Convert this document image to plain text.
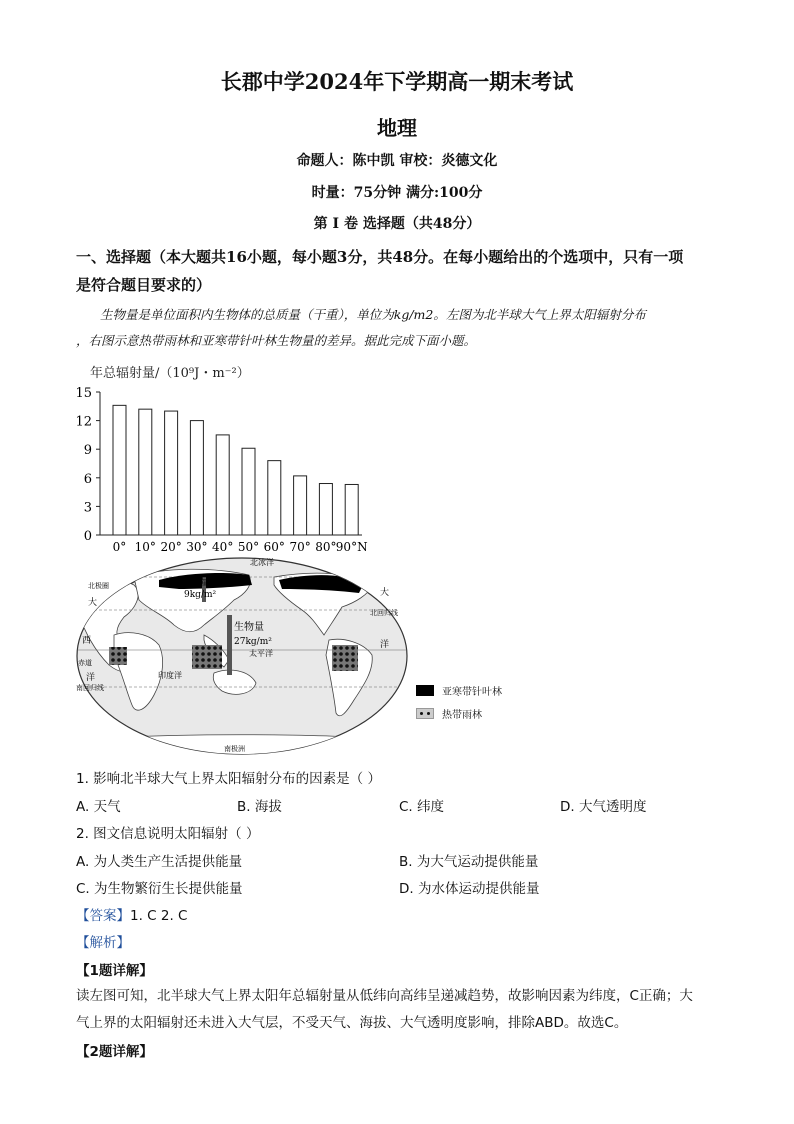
长郡中学2024年下学期高一期末考试
地理
命题人：陈中凯 审校：炎德文化
时量：75分钟 满分:100分
第 I 卷 选择题（共48分）
一、选择题（本大题共16小题，每小题3分，共48分。在每小题给出的个选项中，只有一项
是符合题目要求的）
生物量是单位面积内生物体的总质量（干重），单位为kg/m2。左图为北半球大气上界太阳辐射分布
，右图示意热带雨林和亚寒带针叶林生物量的差异。据此完成下面小题。
年总辐射量/（10⁹J・m⁻²）
0
3
6
9
12
15
0° 10° 20° 30° 40° 50° 60° 70° 80° 90°N
生物量
9kg/m²
生物量
27kg/m²
太平洋
北冰洋
北极圈
北回归线
赤道
南回归线
印度洋
南极洲
大
大
西
洋
洋
亚寒带针叶林
热带雨林
1. 影响北半球大气上界太阳辐射分布的因素是（ ）
A. 天气	B. 海拔	C. 纬度	D. 大气透明度
2. 图文信息说明太阳辐射（ ）
A. 为人类生产生活提供能量	B. 为大气运动提供能量
C. 为生物繁衍生长提供能量	D. 为水体运动提供能量
【答案】1. C 2. C
【解析】
【1题详解】
读左图可知，北半球大气上界太阳年总辐射量从低纬向高纬呈递减趋势，故影响因素为纬度，C正确；大
气上界的太阳辐射还未进入大气层，不受天气、海拔、大气透明度影响，排除ABD。故选C。
【2题详解】
